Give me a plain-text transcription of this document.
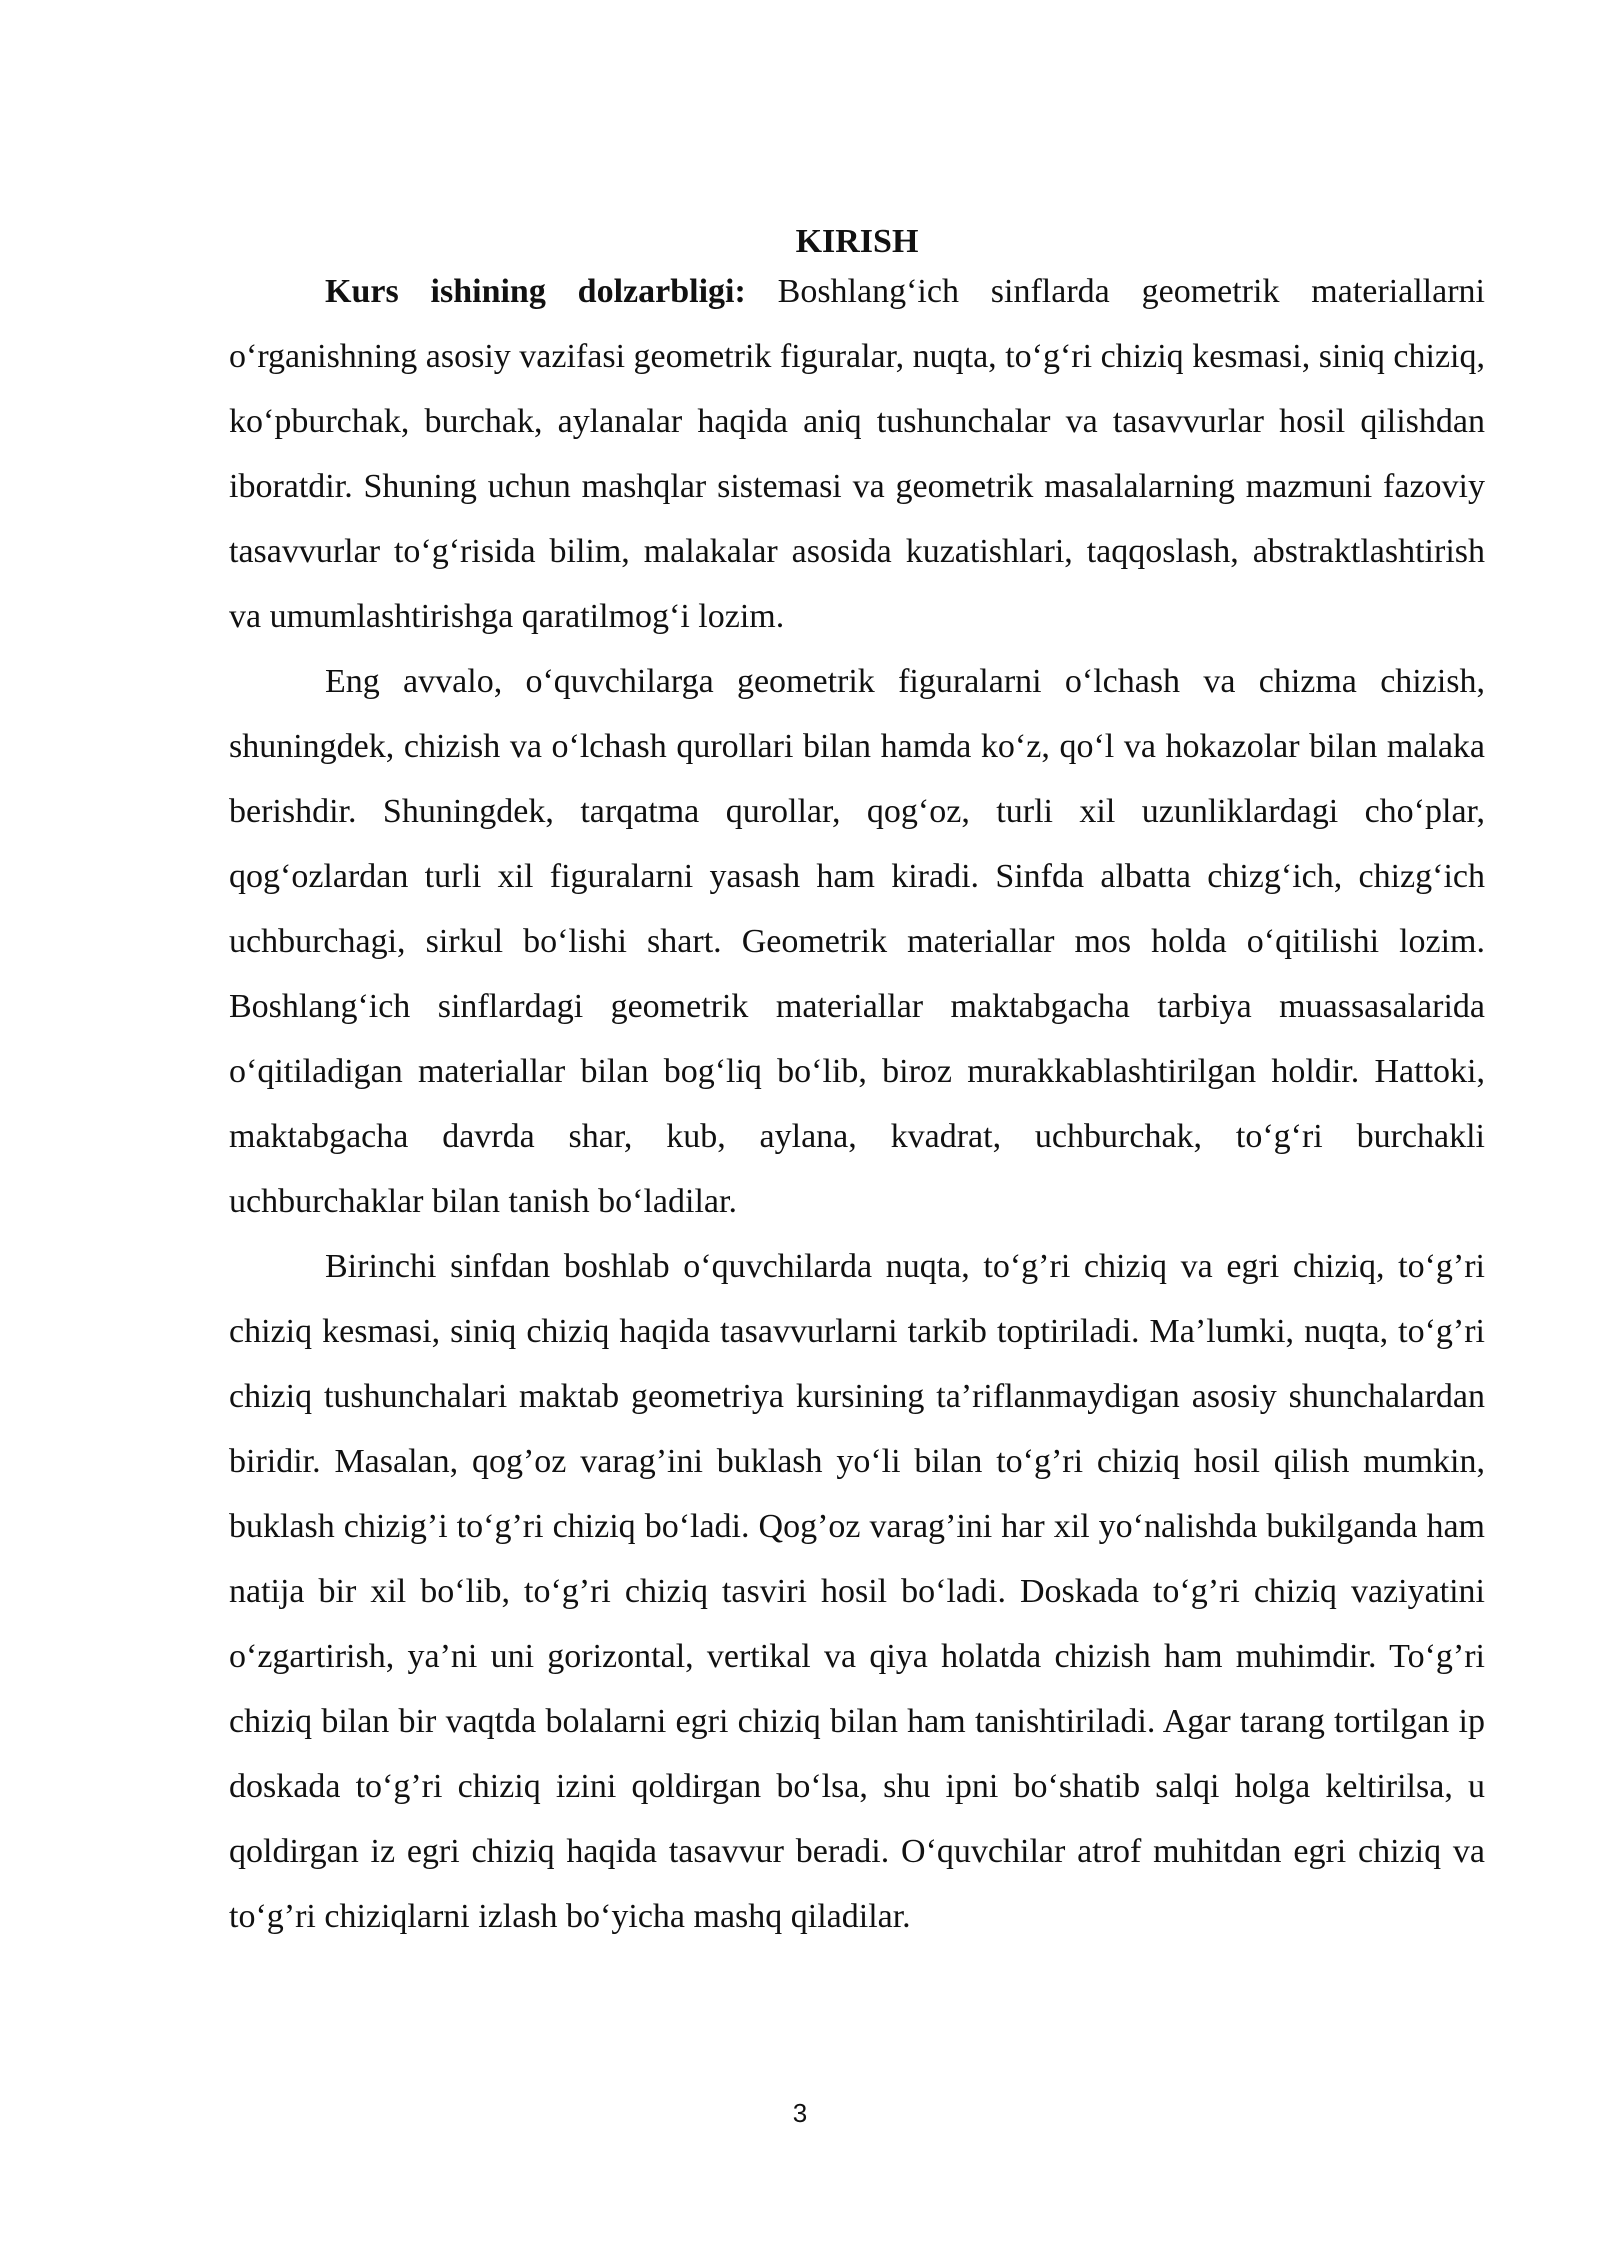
KIRISH

Kurs ishining dolzarbligi: Boshlang‘ich sinflarda geometrik materiallarni o‘rganishning asosiy vazifasi geometrik figuralar, nuqta, to‘g‘ri chiziq kesmasi, siniq chiziq, ko‘pburchak, burchak, aylanalar haqida aniq tushunchalar va tasavvurlar hosil qilishdan iboratdir. Shuning uchun mashqlar sistemasi va geometrik masalalarning mazmuni fazoviy tasavvurlar to‘g‘risida bilim, malakalar asosida kuzatishlari, taqqoslash, abstraktlashtirish va umumlashtirishga qaratilmog‘i lozim.

Eng avvalo, o‘quvchilarga geometrik figuralarni o‘lchash va chizma chizish, shuningdek, chizish va o‘lchash qurollari bilan hamda ko‘z, qo‘l va hokazolar bilan malaka berishdir. Shuningdek, tarqatma qurollar, qog‘oz, turli xil uzunliklardagi cho‘plar, qog‘ozlardan turli xil figuralarni yasash ham kiradi. Sinfda albatta chizg‘ich, chizg‘ich uchburchagi, sirkul bo‘lishi shart. Geometrik materiallar mos holda o‘qitilishi lozim. Boshlang‘ich sinflardagi geometrik materiallar maktabgacha tarbiya muassasalarida o‘qitiladigan materiallar bilan bog‘liq bo‘lib, biroz murakkablashtirilgan holdir. Hattoki, maktabgacha davrda shar, kub, aylana, kvadrat, uchburchak, to‘g‘ri burchakli uchburchaklar bilan tanish bo‘ladilar.

Birinchi sinfdan boshlab o‘quvchilarda nuqta, to‘g’ri chiziq va egri chiziq, to‘g’ri chiziq kesmasi, siniq chiziq haqida tasavvurlarni tarkib toptiriladi. Ma’lumki, nuqta, to‘g’ri chiziq tushunchalari maktab geometriya kursining ta’riflanmaydigan asosiy shunchalardan biridir. Masalan, qog’oz varag’ini buklash yo‘li bilan to‘g’ri chiziq hosil qilish mumkin, buklash chizig’i to‘g’ri chiziq bo‘ladi. Qog’oz varag’ini har xil yo‘nalishda bukilganda ham natija bir xil bo‘lib, to‘g’ri chiziq tasviri hosil bo‘ladi. Doskada to‘g’ri chiziq vaziyatini o‘zgartirish, ya’ni uni gorizontal, vertikal va qiya holatda chizish ham muhimdir. To‘g’ri chiziq bilan bir vaqtda bolalarni egri chiziq bilan ham tanishtiriladi. Agar tarang tortilgan ip doskada to‘g’ri chiziq izini qoldirgan bo‘lsa, shu ipni bo‘shatib salqi holga keltirilsa, u qoldirgan iz egri chiziq haqida tasavvur beradi. O‘quvchilar atrof muhitdan egri chiziq va to‘g’ri chiziqlarni izlash bo‘yicha mashq qiladilar.

3
